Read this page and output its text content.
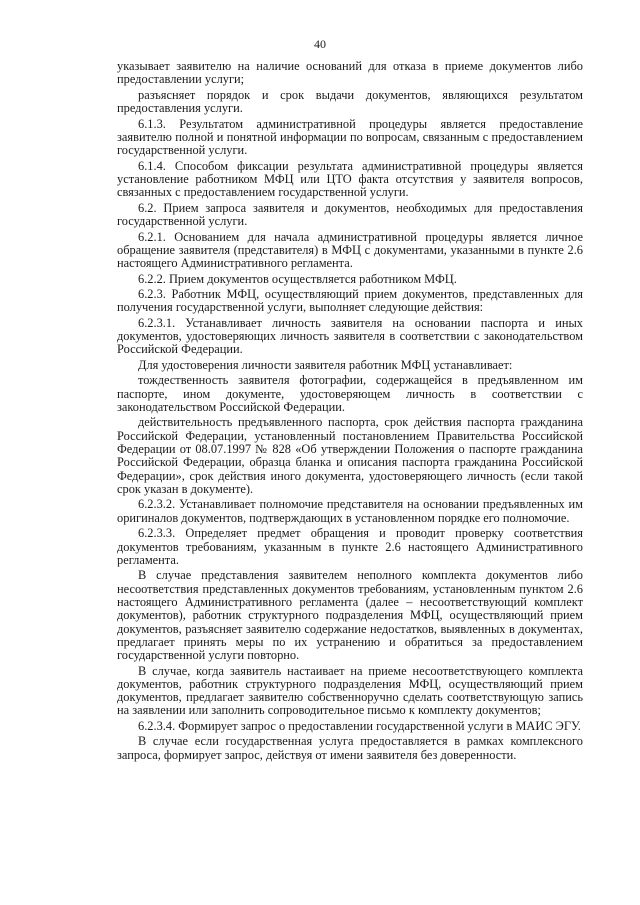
40

указывает заявителю на наличие оснований для отказа в приеме документов либо предоставлении услуги;

разъясняет порядок и срок выдачи документов, являющихся результатом предоставления услуги.

6.1.3. Результатом административной процедуры является предоставление заявителю полной и понятной информации по вопросам, связанным с предоставлением государственной услуги.

6.1.4. Способом фиксации результата административной процедуры является установление работником МФЦ или ЦТО факта отсутствия у заявителя вопросов, связанных с предоставлением государственной услуги.

6.2. Прием запроса заявителя и документов, необходимых для предоставления государственной услуги.

6.2.1. Основанием для начала административной процедуры является личное обращение заявителя (представителя) в МФЦ с документами, указанными в пункте 2.6 настоящего Административного регламента.

6.2.2. Прием документов осуществляется работником МФЦ.

6.2.3. Работник МФЦ, осуществляющий прием документов, представленных для получения государственной услуги, выполняет следующие действия:

6.2.3.1. Устанавливает личность заявителя на основании паспорта и иных документов, удостоверяющих личность заявителя в соответствии с законодательством Российской Федерации.

Для удостоверения личности заявителя работник МФЦ устанавливает:

тождественность заявителя фотографии, содержащейся в предъявленном им паспорте, ином документе, удостоверяющем личность в соответствии с законодательством Российской Федерации.

действительность предъявленного паспорта, срок действия паспорта гражданина Российской Федерации, установленный постановлением Правительства Российской Федерации от 08.07.1997 № 828 «Об утверждении Положения о паспорте гражданина Российской Федерации, образца бланка и описания паспорта гражданина Российской Федерации», срок действия иного документа, удостоверяющего личность (если такой срок указан в документе).

6.2.3.2. Устанавливает полномочие представителя на основании предъявленных им оригиналов документов, подтверждающих в установленном порядке его полномочие.

6.2.3.3. Определяет предмет обращения и проводит проверку соответствия документов требованиям, указанным в пункте 2.6 настоящего Административного регламента.

В случае представления заявителем неполного комплекта документов либо несоответствия представленных документов требованиям, установленным пунктом 2.6 настоящего Административного регламента (далее – несоответствующий комплект документов), работник структурного подразделения МФЦ, осуществляющий прием документов, разъясняет заявителю содержание недостатков, выявленных в документах, предлагает принять меры по их устранению и обратиться за предоставлением государственной услуги повторно.

В случае, когда заявитель настаивает на приеме несоответствующего комплекта документов, работник структурного подразделения МФЦ, осуществляющий прием документов, предлагает заявителю собственноручно сделать соответствующую запись на заявлении или заполнить сопроводительное письмо к комплекту документов;

6.2.3.4. Формирует запрос о предоставлении государственной услуги в МАИС ЭГУ.

В случае если государственная услуга предоставляется в рамках комплексного запроса, формирует запрос, действуя от имени заявителя без доверенности.
